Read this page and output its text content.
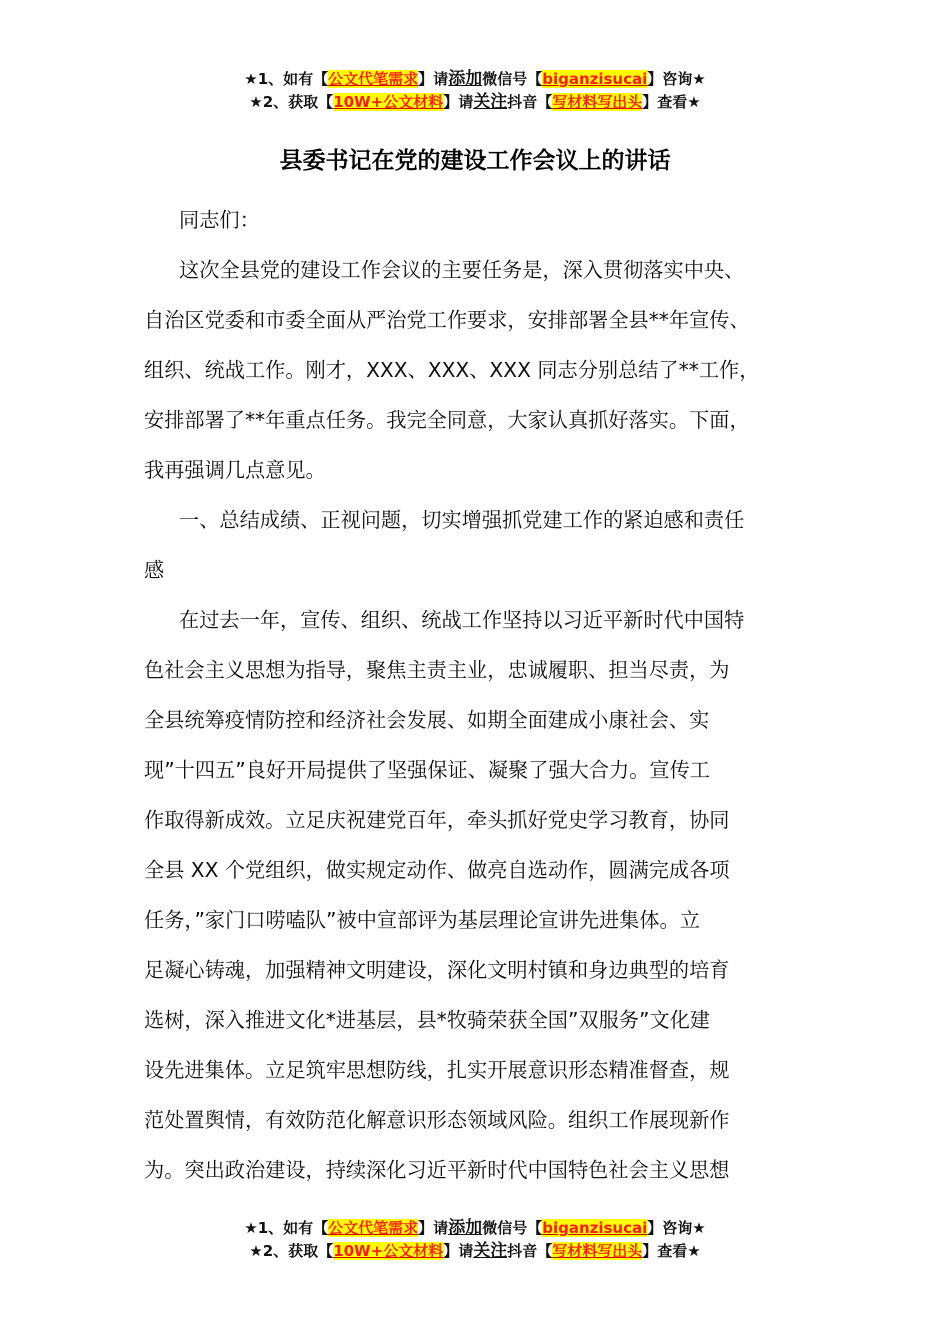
★1、如有【公文代笔需求】请添加微信号【biganzisucai】咨询★
★2、获取【10W+公文材料】请关注抖音【写材料写出头】查看★
县委书记在党的建设工作会议上的讲话
同志们：
这次全县党的建设工作会议的主要任务是，深入贯彻落实中央、
自治区党委和市委全面从严治党工作要求，安排部署全县**年宣传、
组织、统战工作。刚才，XXX、XXX、XXX 同志分别总结了**工作，
安排部署了**年重点任务。我完全同意，大家认真抓好落实。下面，
我再强调几点意见。
一、总结成绩、正视问题，切实增强抓党建工作的紧迫感和责任
感
在过去一年，宣传、组织、统战工作坚持以习近平新时代中国特
色社会主义思想为指导，聚焦主责主业，忠诚履职、担当尽责，为
全县统筹疫情防控和经济社会发展、如期全面建成小康社会、实
现”十四五”良好开局提供了坚强保证、凝聚了强大合力。宣传工
作取得新成效。立足庆祝建党百年，牵头抓好党史学习教育，协同
全县 XX 个党组织，做实规定动作、做亮自选动作，圆满完成各项
任务，”家门口唠嗑队”被中宣部评为基层理论宣讲先进集体。立
足凝心铸魂，加强精神文明建设，深化文明村镇和身边典型的培育
选树，深入推进文化*进基层，县*牧骑荣获全国”双服务”文化建
设先进集体。立足筑牢思想防线，扎实开展意识形态精准督查，规
范处置舆情，有效防范化解意识形态领域风险。组织工作展现新作
为。突出政治建设，持续深化习近平新时代中国特色社会主义思想
★1、如有【公文代笔需求】请添加微信号【biganzisucai】咨询★
★2、获取【10W+公文材料】请关注抖音【写材料写出头】查看★
